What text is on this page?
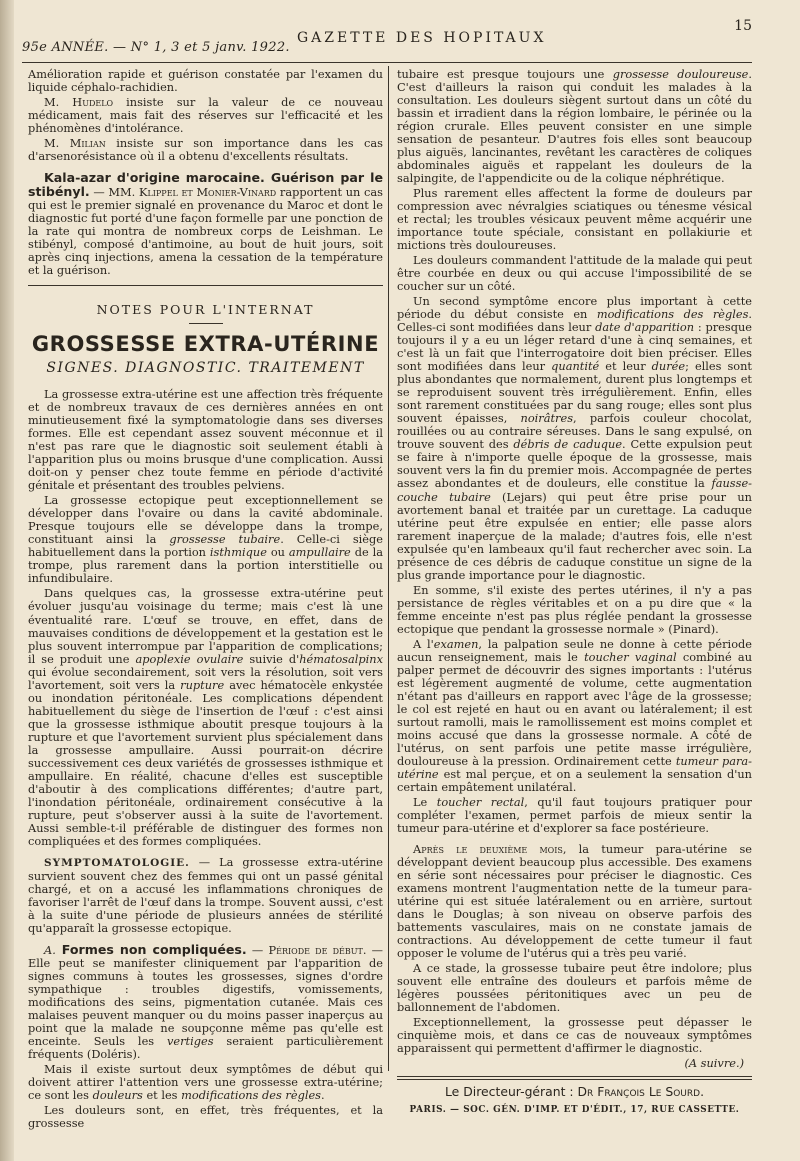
95e ANNÉE. — N° 1, 3 et 5 janv. 1922.
GAZETTE DES HOPITAUX
15

Amélioration rapide et guérison constatée par l'examen du liquide céphalo-rachidien.

M. Hudelo insiste sur la valeur de ce nouveau médicament, mais fait des réserves sur l'efficacité et les phénomènes d'intolérance.

M. Milian insiste sur son importance dans les cas d'arsenorésistance où il a obtenu d'excellents résultats.

Kala-azar d'origine marocaine. Guérison par le stibényl. — MM. Klippel et Monier-Vinard rapportent un cas qui est le premier signalé en provenance du Maroc et dont le diagnostic fut porté d'une façon formelle par une ponction de la rate qui montra de nombreux corps de Leishman. Le stibényl, composé d'antimoine, au bout de huit jours, soit après cinq injections, amena la cessation de la température et la guérison.

NOTES POUR L'INTERNAT
GROSSESSE EXTRA-UTÉRINE
SIGNES. DIAGNOSTIC. TRAITEMENT

La grossesse extra-utérine est une affection très fréquente et de nombreux travaux de ces dernières années en ont minutieusement fixé la symptomatologie dans ses diverses formes. Elle est cependant assez souvent méconnue et il n'est pas rare que le diagnostic soit seulement établi à l'apparition plus ou moins brusque d'une complication. Aussi doit-on y penser chez toute femme en période d'activité génitale et présentant des troubles pelviens.

La grossesse ectopique peut exceptionnellement se développer dans l'ovaire ou dans la cavité abdominale. Presque toujours elle se développe dans la trompe, constituant ainsi la grossesse tubaire. Celle-ci siège habituellement dans la portion isthmique ou ampullaire de la trompe, plus rarement dans la portion interstitielle ou infundibulaire.

Dans quelques cas, la grossesse extra-utérine peut évoluer jusqu'au voisinage du terme; mais c'est là une éventualité rare. L'œuf se trouve, en effet, dans de mauvaises conditions de développement et la gestation est le plus souvent interrompue par l'apparition de complications; il se produit une apoplexie ovulaire suivie d'hématosalpinx qui évolue secondairement, soit vers la résolution, soit vers l'avortement, soit vers la rupture avec hématocèle enkystée ou inondation péritonéale. Les complications dépendent habituellement du siège de l'insertion de l'œuf : c'est ainsi que la grossesse isthmique aboutit presque toujours à la rupture et que l'avortement survient plus spécialement dans la grossesse ampullaire. Aussi pourrait-on décrire successivement ces deux variétés de grossesses isthmique et ampullaire. En réalité, chacune d'elles est susceptible d'aboutir à des complications différentes; d'autre part, l'inondation péritonéale, ordinairement consécutive à la rupture, peut s'observer aussi à la suite de l'avortement. Aussi semble-t-il préférable de distinguer des formes non compliquées et des formes compliquées.

SYMPTOMATOLOGIE. — La grossesse extra-utérine survient souvent chez des femmes qui ont un passé génital chargé, et on a accusé les inflammations chroniques de favoriser l'arrêt de l'œuf dans la trompe. Souvent aussi, c'est à la suite d'une période de plusieurs années de stérilité qu'apparaît la grossesse ectopique.

A. Formes non compliquées. — Période de début. — Elle peut se manifester cliniquement par l'apparition de signes communs à toutes les grossesses, signes d'ordre sympathique : troubles digestifs, vomissements, modifications des seins, pigmentation cutanée. Mais ces malaises peuvent manquer ou du moins passer inaperçus au point que la malade ne soupçonne même pas qu'elle est enceinte. Seuls les vertiges seraient particulièrement fréquents (Doléris).

Mais il existe surtout deux symptômes de début qui doivent attirer l'attention vers une grossesse extra-utérine; ce sont les douleurs et les modifications des règles.

Les douleurs sont, en effet, très fréquentes, et la grossesse

tubaire est presque toujours une grossesse douloureuse. C'est d'ailleurs la raison qui conduit les malades à la consultation. Les douleurs siègent surtout dans un côté du bassin et irradient dans la région lombaire, le périnée ou la région crurale. Elles peuvent consister en une simple sensation de pesanteur. D'autres fois elles sont beaucoup plus aiguës, lancinantes, revêtant les caractères de coliques abdominales aiguës et rappelant les douleurs de la salpingite, de l'appendicite ou de la colique néphrétique.

Plus rarement elles affectent la forme de douleurs par compression avec névralgies sciatiques ou ténesme vésical et rectal; les troubles vésicaux peuvent même acquérir une importance toute spéciale, consistant en pollakiurie et mictions très douloureuses.

Les douleurs commandent l'attitude de la malade qui peut être courbée en deux ou qui accuse l'impossibilité de se coucher sur un côté.

Un second symptôme encore plus important à cette période du début consiste en modifications des règles. Celles-ci sont modifiées dans leur date d'apparition : presque toujours il y a eu un léger retard d'une à cinq semaines, et c'est là un fait que l'interrogatoire doit bien préciser. Elles sont modifiées dans leur quantité et leur durée; elles sont plus abondantes que normalement, durent plus longtemps et se reproduisent souvent très irrégulièrement. Enfin, elles sont rarement constituées par du sang rouge; elles sont plus souvent épaisses, noirâtres, parfois couleur chocolat, rouillées ou au contraire séreuses. Dans le sang expulsé, on trouve souvent des débris de caduque. Cette expulsion peut se faire à n'importe quelle époque de la grossesse, mais souvent vers la fin du premier mois. Accompagnée de pertes assez abondantes et de douleurs, elle constitue la fausse-couche tubaire (Lejars) qui peut être prise pour un avortement banal et traitée par un curettage. La caduque utérine peut être expulsée en entier; elle passe alors rarement inaperçue de la malade; d'autres fois, elle n'est expulsée qu'en lambeaux qu'il faut rechercher avec soin. La présence de ces débris de caduque constitue un signe de la plus grande importance pour le diagnostic.

En somme, s'il existe des pertes utérines, il n'y a pas persistance de règles véritables et on a pu dire que « la femme enceinte n'est pas plus réglée pendant la grossesse ectopique que pendant la grossesse normale » (Pinard).

A l'examen, la palpation seule ne donne à cette période aucun renseignement, mais le toucher vaginal combiné au palper permet de découvrir des signes importants : l'utérus est légèrement augmenté de volume, cette augmentation n'étant pas d'ailleurs en rapport avec l'âge de la grossesse; le col est rejeté en haut ou en avant ou latéralement; il est surtout ramolli, mais le ramollissement est moins complet et moins accusé que dans la grossesse normale. A côté de l'utérus, on sent parfois une petite masse irrégulière, douloureuse à la pression. Ordinairement cette tumeur para-utérine est mal perçue, et on a seulement la sensation d'un certain empâtement unilatéral.

Le toucher rectal, qu'il faut toujours pratiquer pour compléter l'examen, permet parfois de mieux sentir la tumeur para-utérine et d'explorer sa face postérieure.

Après le deuxième mois, la tumeur para-utérine se développant devient beaucoup plus accessible. Des examens en série sont nécessaires pour préciser le diagnostic. Ces examens montrent l'augmentation nette de la tumeur para-utérine qui est située latéralement ou en arrière, surtout dans le Douglas; à son niveau on observe parfois des battements vasculaires, mais on ne constate jamais de contractions. Au développement de cette tumeur il faut opposer le volume de l'utérus qui a très peu varié.

A ce stade, la grossesse tubaire peut être indolore; plus souvent elle entraîne des douleurs et parfois même de légères poussées péritonitiques avec un peu de ballonnement de l'abdomen.

Exceptionnellement, la grossesse peut dépasser le cinquième mois, et dans ce cas de nouveaux symptômes apparaissent qui permettent d'affirmer le diagnostic.

(A suivre.)

Le Directeur-gérant : Dr François Le Sourd.
PARIS. — SOC. GÉN. D'IMP. ET D'ÉDIT., 17, RUE CASSETTE.
